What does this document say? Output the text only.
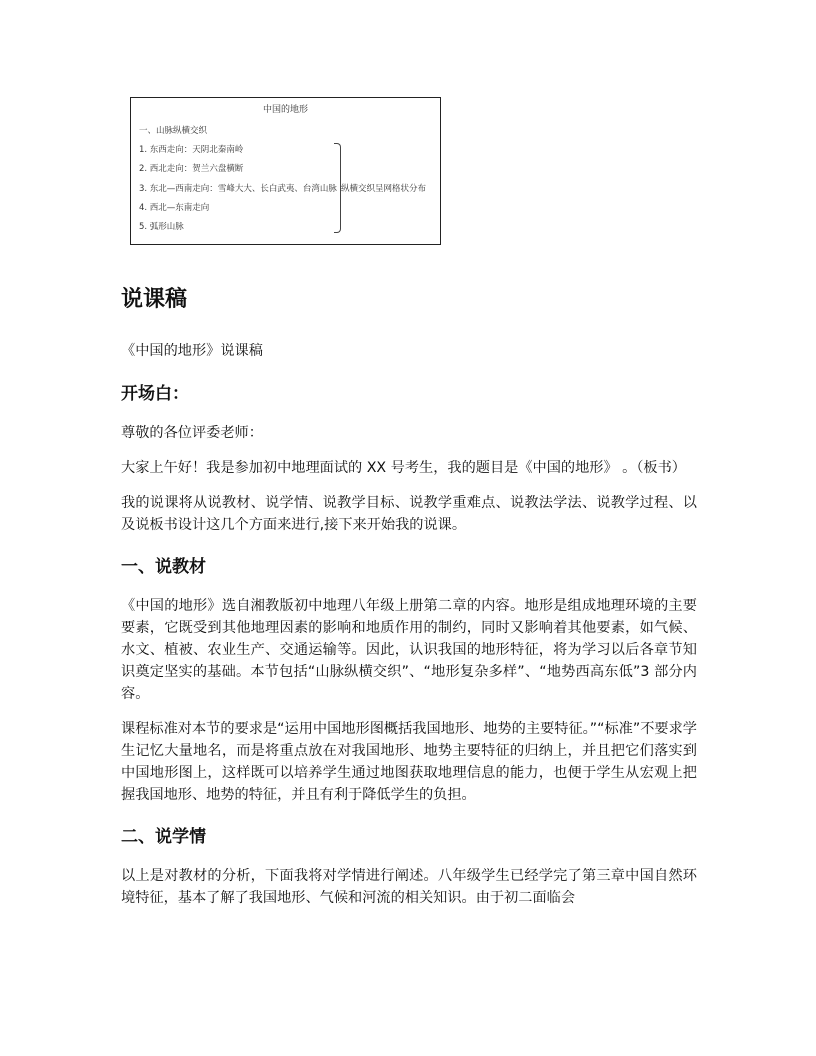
中国的地形
一、山脉纵横交织
1. 东西走向：天阴北秦南岭
2. 西北走向：贺兰六盘横断
3. 东北—西南走向：雪峰大大、长白武夷、台湾山脉
4. 西北—东南走向
5. 弧形山脉
纵横交织呈网格状分布
说课稿

《中国的地形》说课稿

开场白：

尊敬的各位评委老师：

大家上午好！我是参加初中地理面试的 XX 号考生，我的题目是《中国的地形》 。（板书）

我的说课将从说教材、说学情、说教学目标、说教学重难点、说教法学法、说教学过程、以及说板书设计这几个方面来进行,接下来开始我的说课。

一、说教材

《中国的地形》选自湘教版初中地理八年级上册第二章的内容。地形是组成地理环境的主要要素，它既受到其他地理因素的影响和地质作用的制约，同时又影响着其他要素，如气候、水文、植被、农业生产、交通运输等。因此，认识我国的地形特征，将为学习以后各章节知识奠定坚实的基础。本节包括“山脉纵横交织”、“地形复杂多样”、“地势西高东低”3 部分内容。

课程标准对本节的要求是“运用中国地形图概括我国地形、地势的主要特征。”“标准”不要求学生记忆大量地名，而是将重点放在对我国地形、地势主要特征的归纳上，并且把它们落实到中国地形图上，这样既可以培养学生通过地图获取地理信息的能力，也便于学生从宏观上把握我国地形、地势的特征，并且有利于降低学生的负担。

二、说学情

以上是对教材的分析，下面我将对学情进行阐述。八年级学生已经学完了第三章中国自然环境特征，基本了解了我国地形、气候和河流的相关知识。由于初二面临会
